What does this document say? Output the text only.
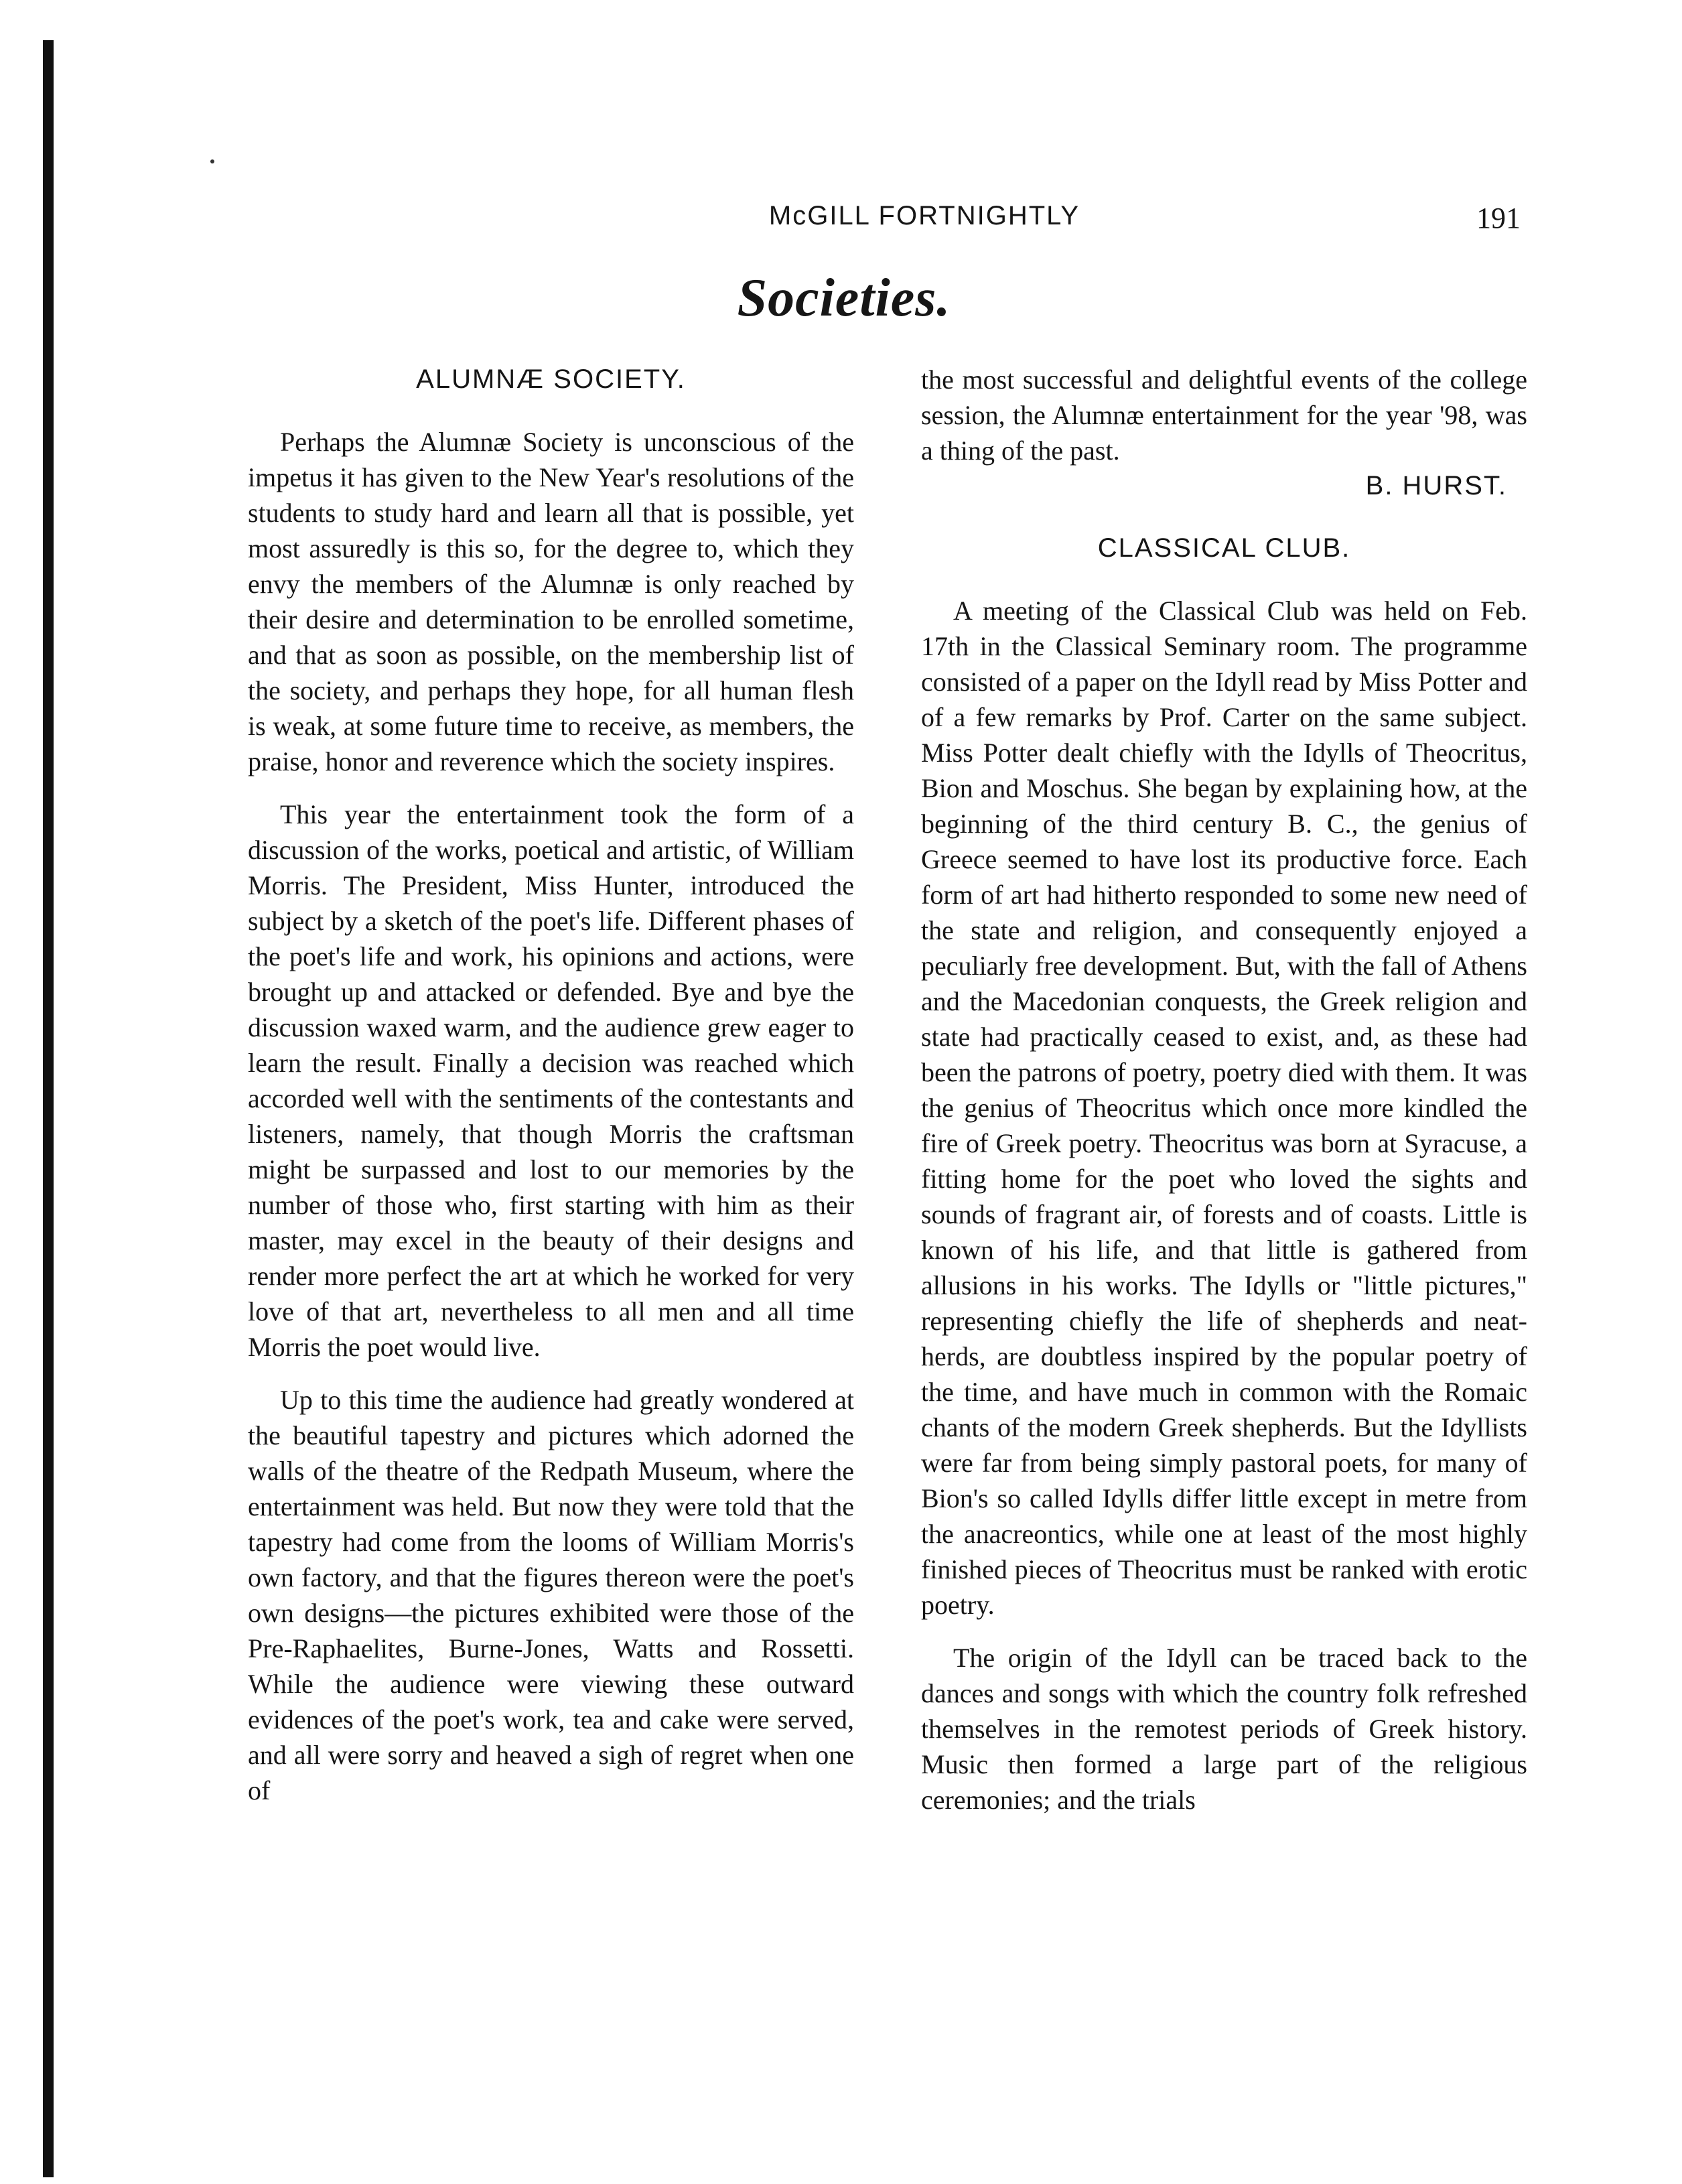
McGILL FORTNIGHTLY	191
Societies.
ALUMNÆ SOCIETY.

Perhaps the Alumnæ Society is unconscious of the impetus it has given to the New Year's resolutions of the students to study hard and learn all that is possible, yet most assuredly is this so, for the degree to, which they envy the members of the Alumnæ is only reached by their desire and determination to be enrolled sometime, and that as soon as possible, on the membership list of the society, and perhaps they hope, for all human flesh is weak, at some future time to receive, as members, the praise, honor and reverence which the society inspires.

This year the entertainment took the form of a discussion of the works, poetical and artistic, of William Morris. The President, Miss Hunter, introduced the subject by a sketch of the poet's life. Different phases of the poet's life and work, his opinions and actions, were brought up and attacked or defended. Bye and bye the discussion waxed warm, and the audience grew eager to learn the result. Finally a decision was reached which accorded well with the sentiments of the contestants and listeners, namely, that though Morris the craftsman might be surpassed and lost to our memories by the number of those who, first starting with him as their master, may excel in the beauty of their designs and render more perfect the art at which he worked for very love of that art, nevertheless to all men and all time Morris the poet would live.

Up to this time the audience had greatly wondered at the beautiful tapestry and pictures which adorned the walls of the theatre of the Redpath Museum, where the entertainment was held. But now they were told that the tapestry had come from the looms of William Morris's own factory, and that the figures thereon were the poet's own designs—the pictures exhibited were those of the Pre-Raphaelites, Burne-Jones, Watts and Rossetti. While the audience were viewing these outward evidences of the poet's work, tea and cake were served, and all were sorry and heaved a sigh of regret when one of

the most successful and delightful events of the college session, the Alumnæ entertainment for the year '98, was a thing of the past.

B. HURST.
CLASSICAL CLUB.

A meeting of the Classical Club was held on Feb. 17th in the Classical Seminary room. The programme consisted of a paper on the Idyll read by Miss Potter and of a few remarks by Prof. Carter on the same subject. Miss Potter dealt chiefly with the Idylls of Theocritus, Bion and Moschus. She began by explaining how, at the beginning of the third century B. C., the genius of Greece seemed to have lost its productive force. Each form of art had hitherto responded to some new need of the state and religion, and consequently enjoyed a peculiarly free development. But, with the fall of Athens and the Macedonian conquests, the Greek religion and state had practically ceased to exist, and, as these had been the patrons of poetry, poetry died with them. It was the genius of Theocritus which once more kindled the fire of Greek poetry. Theocritus was born at Syracuse, a fitting home for the poet who loved the sights and sounds of fragrant air, of forests and of coasts. Little is known of his life, and that little is gathered from allusions in his works. The Idylls or "little pictures," representing chiefly the life of shepherds and neat-herds, are doubtless inspired by the popular poetry of the time, and have much in common with the Romaic chants of the modern Greek shepherds. But the Idyllists were far from being simply pastoral poets, for many of Bion's so called Idylls differ little except in metre from the anacreontics, while one at least of the most highly finished pieces of Theocritus must be ranked with erotic poetry.

The origin of the Idyll can be traced back to the dances and songs with which the country folk refreshed themselves in the remotest periods of Greek history. Music then formed a large part of the religious ceremonies; and the trials
